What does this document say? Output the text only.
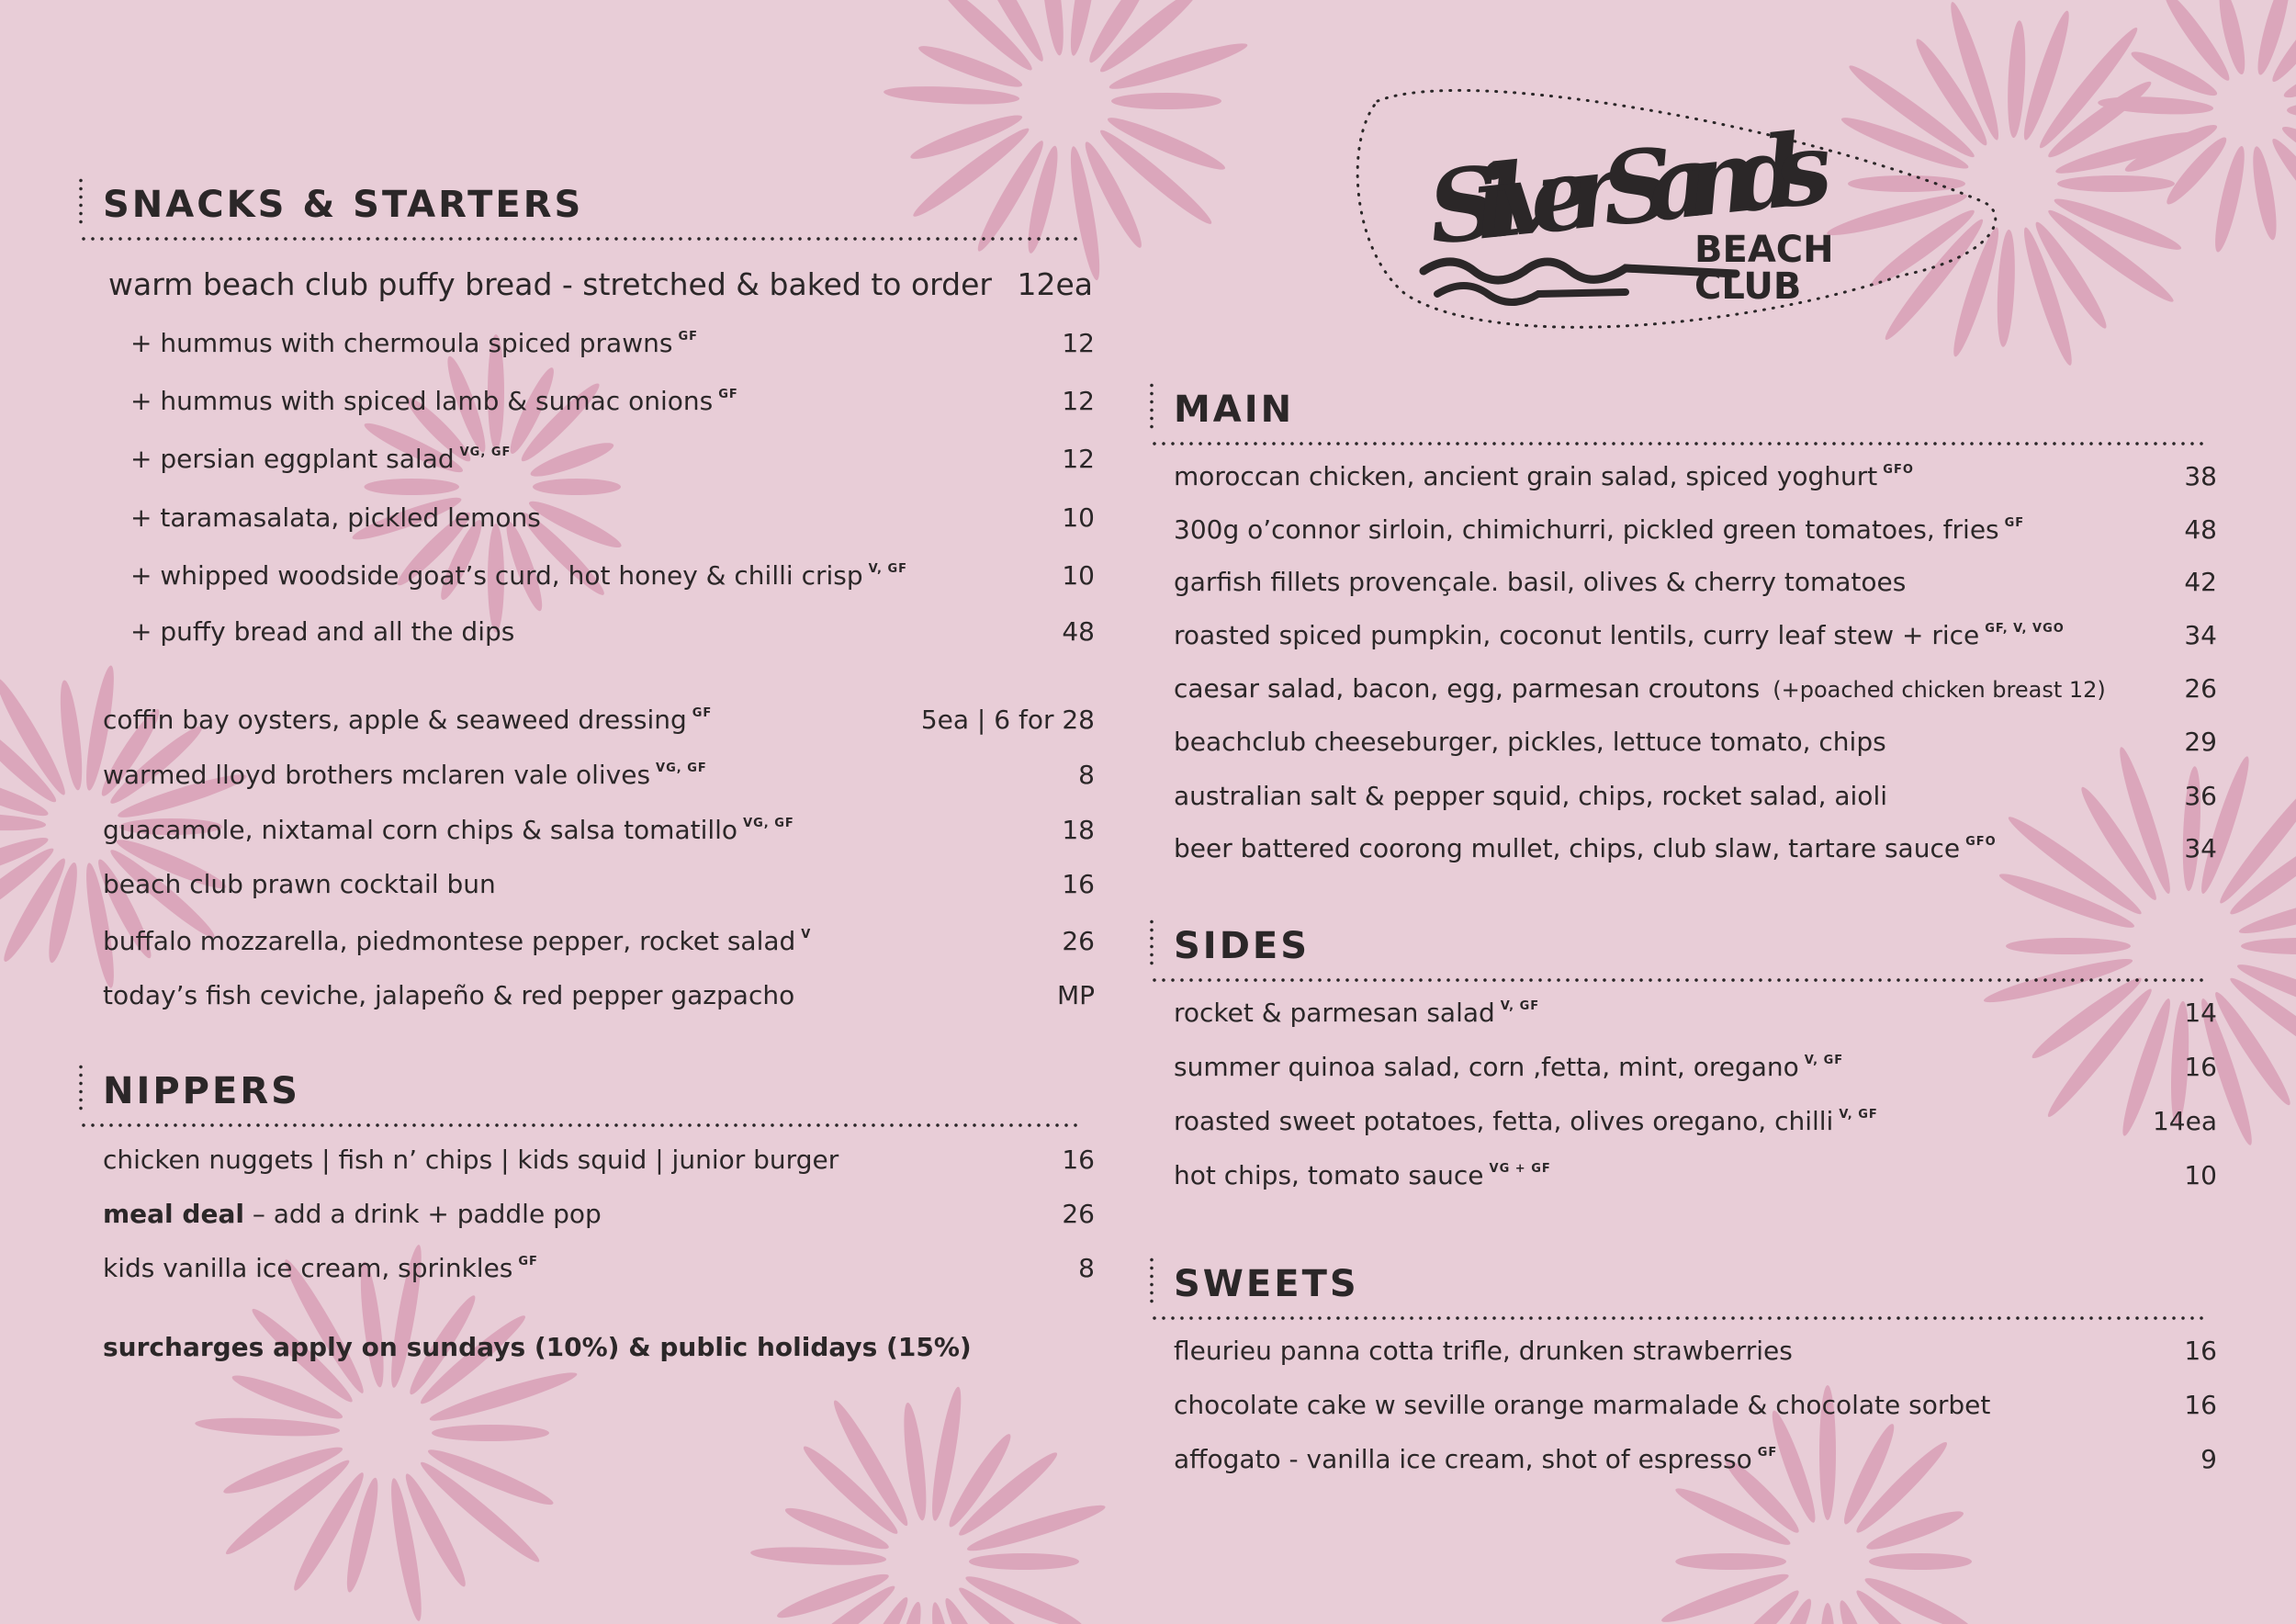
Silver Sands
BEACH
CLUB
SNACKS & STARTERS
warm beach club puffy bread - stretched & baked to order 12ea
+ hummus with chermoula spiced prawns $^{GF}$	12
+ hummus with spiced lamb & sumac onions $^{GF}$	12
+ persian eggplant salad $^{VG, GF}$	12
+ taramasalata, pickled lemons	10
+ whipped woodside goat’s curd, hot honey & chilli crisp $^{V, GF}$	10
+ puffy bread and all the dips	48
coffin bay oysters, apple & seaweed dressing $^{GF}$	5ea | 6 for 28
warmed lloyd brothers mclaren vale olives $^{VG, GF}$	8
guacamole, nixtamal corn chips & salsa tomatillo $^{VG, GF}$	18
beach club prawn cocktail bun	16
buffalo mozzarella, piedmontese pepper, rocket salad $^V$	26
today’s fish ceviche, jalapeño & red pepper gazpacho	MP
NIPPERS
chicken nuggets | fish n’ chips | kids squid | junior burger	16
meal deal – add a drink + paddle pop	26
kids vanilla ice cream, sprinkles $^{GF}$	8
surcharges apply on sundays (10%) & public holidays (15%)
MAIN
moroccan chicken, ancient grain salad, spiced yoghurt $^{GFO}$	38
300g o’connor sirloin, chimichurri, pickled green tomatoes, fries $^{GF}$	48
garfish fillets provençale. basil, olives & cherry tomatoes	42
roasted spiced pumpkin, coconut lentils, curry leaf stew + rice $^{GF, V, VGO}$	34
caesar salad, bacon, egg, parmesan croutons (+poached chicken breast 12)	26
beachclub cheeseburger, pickles, lettuce tomato, chips	29
australian salt & pepper squid, chips, rocket salad, aioli	36
beer battered coorong mullet, chips, club slaw, tartare sauce $^{GFO}$	34
SIDES
rocket & parmesan salad $^{V, GF}$	14
summer quinoa salad, corn ,fetta, mint, oregano $^{V, GF}$	16
roasted sweet potatoes, fetta, olives oregano, chilli $^{V, GF}$	14ea
hot chips, tomato sauce $^{VG + GF}$	10
SWEETS
fleurieu panna cotta trifle, drunken strawberries	16
chocolate cake w seville orange marmalade & chocolate sorbet	16
affogato - vanilla ice cream, shot of espresso $^{GF}$	9
